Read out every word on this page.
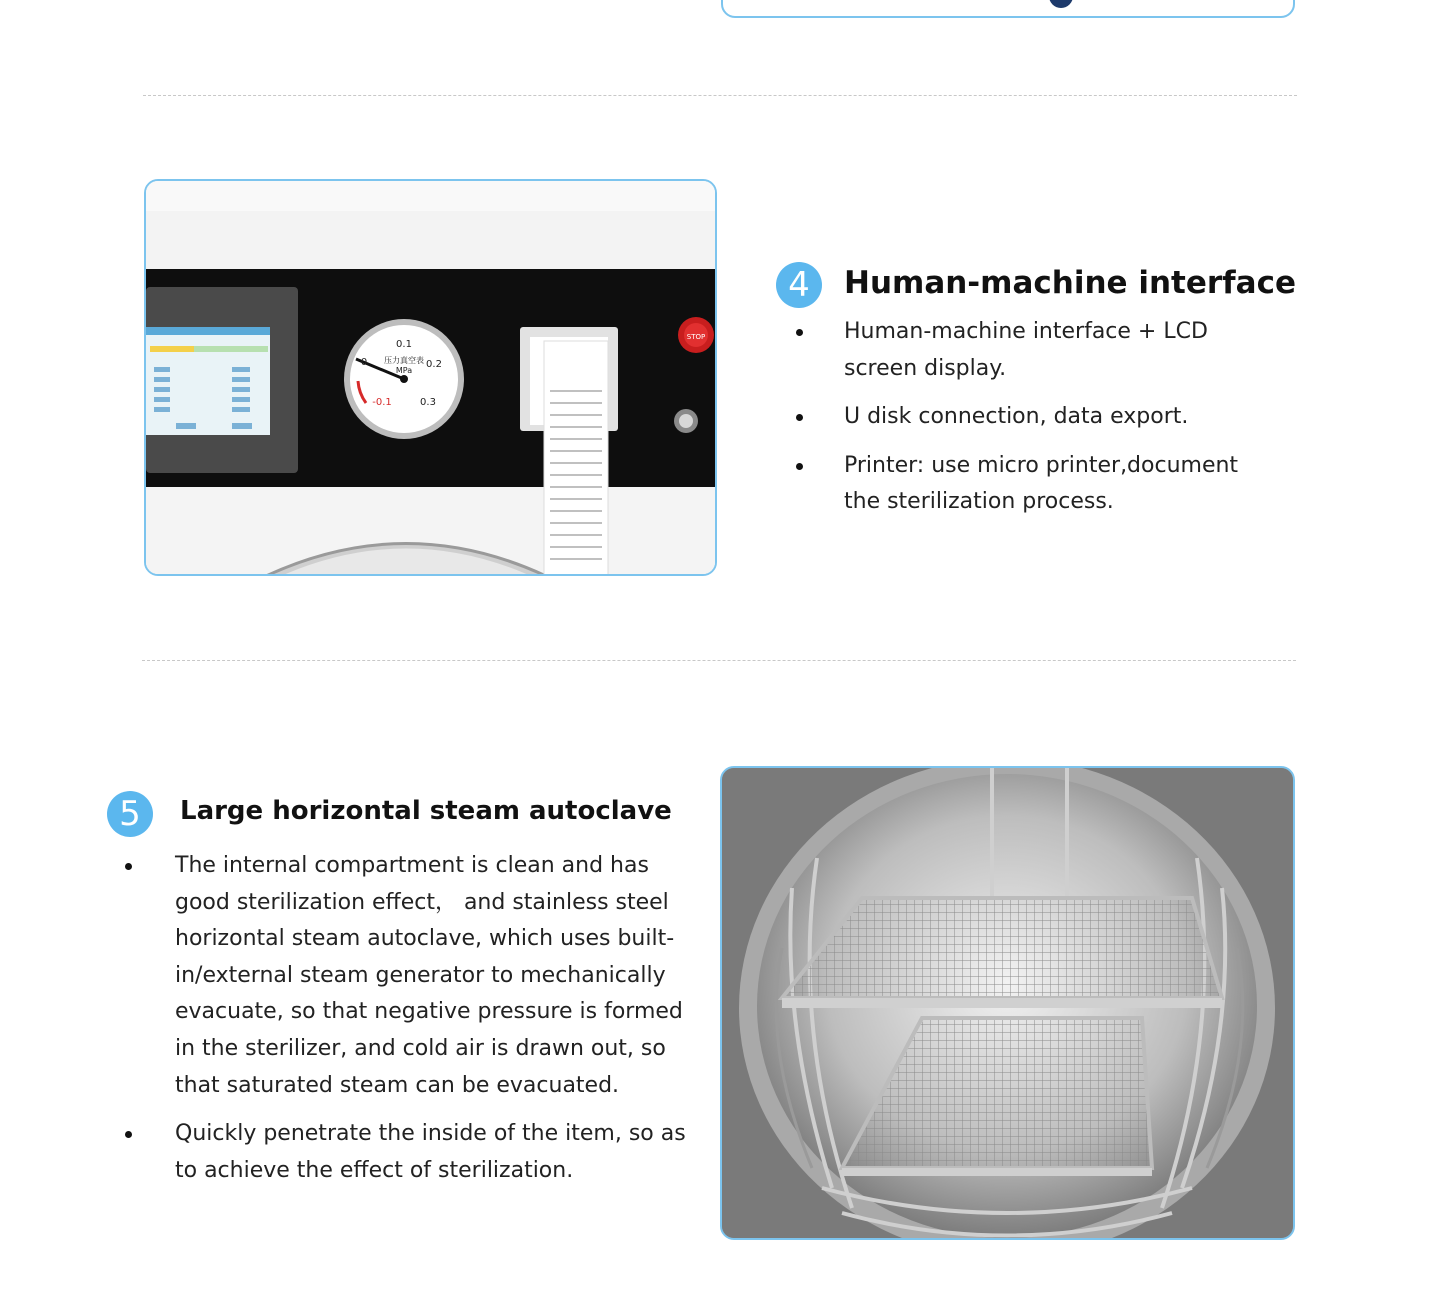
0.1
0	0.2
-0.1	0.3
压力真空表
MPa
STOP
4	Human-machine interface
Human-machine interface + LCD screen display.
U disk connection, data export.
Printer: use micro printer,document the sterilization process.
5	Large horizontal steam autoclave
The internal compartment is clean and has good sterilization effect， and stainless steel horizontal steam autoclave, which uses built-in/external steam generator to mechanically evacuate, so that negative pressure is formed in the sterilizer, and cold air is drawn out, so that saturated steam can be evacuated.
Quickly penetrate the inside of the item, so as to achieve the effect of sterilization.
